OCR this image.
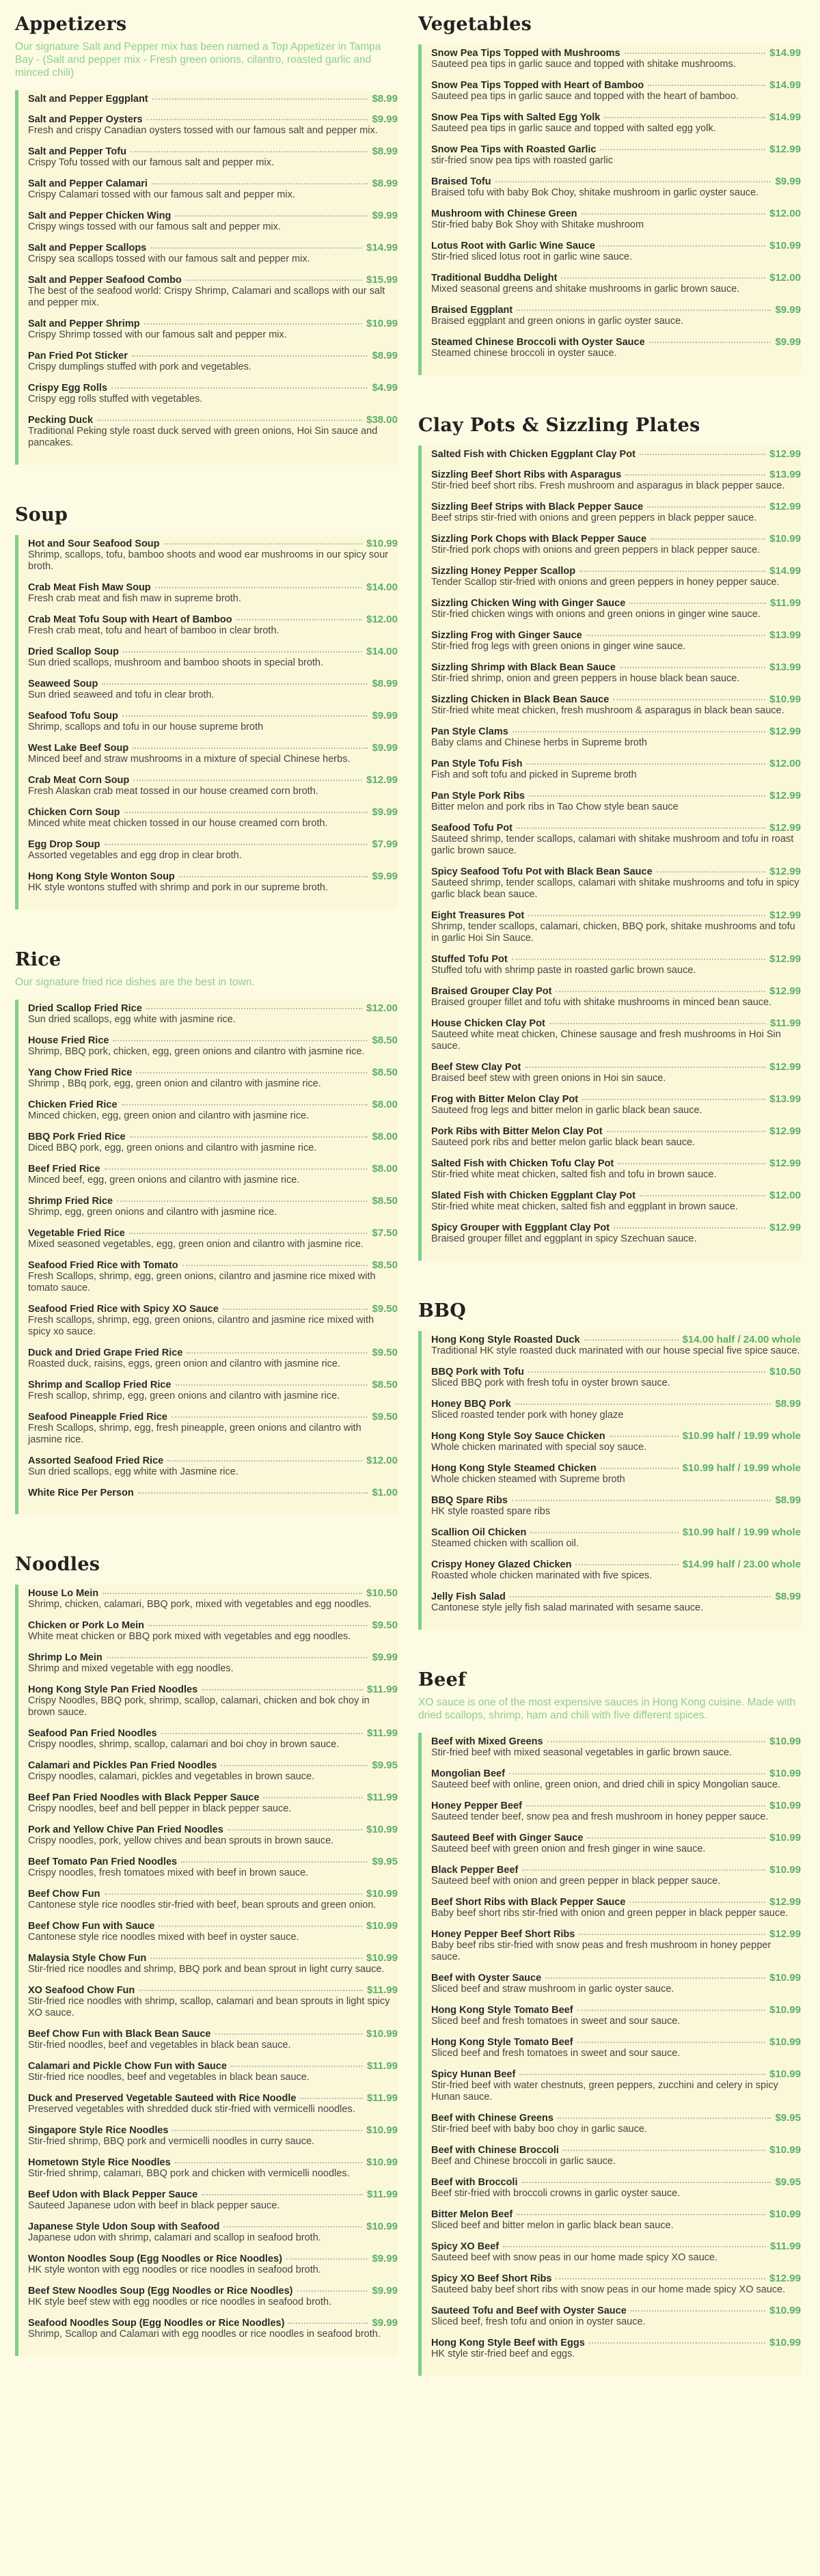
Appetizers

Our signature Salt and Pepper mix has been named a Top Appetizer in Tampa Bay - (Salt and pepper mix - Fresh green onions, cilantro, roasted garlic and minced chili)

Salt and Pepper Eggplant	$8.99
Salt and Pepper Oysters	$9.99
Fresh and crispy Canadian oysters tossed with our famous salt and pepper mix.
Salt and Pepper Tofu	$8.99
Crispy Tofu tossed with our famous salt and pepper mix.
Salt and Pepper Calamari	$8.99
Crispy Calamari tossed with our famous salt and pepper mix.
Salt and Pepper Chicken Wing	$9.99
Crispy wings tossed with our famous salt and pepper mix.
Salt and Pepper Scallops	$14.99
Crispy sea scallops tossed with our famous salt and pepper mix.
Salt and Pepper Seafood Combo	$15.99
The best of the seafood world: Crispy Shrimp, Calamari and scallops with our salt and pepper mix.
Salt and Pepper Shrimp	$10.99
Crispy Shrimp tossed with our famous salt and pepper mix.
Pan Fried Pot Sticker	$8.99
Crispy dumplings stuffed with pork and vegetables.
Crispy Egg Rolls	$4.99
Crispy egg rolls stuffed with vegetables.
Pecking Duck	$38.00
Traditional Peking style roast duck served with green onions, Hoi Sin sauce and pancakes.
Soup
Hot and Sour Seafood Soup	$10.99
Shrimp, scallops, tofu, bamboo shoots and wood ear mushrooms in our spicy sour broth.
Crab Meat Fish Maw Soup	$14.00
Fresh crab meat and fish maw in supreme broth.
Crab Meat Tofu Soup with Heart of Bamboo	$12.00
Fresh crab meat, tofu and heart of bamboo in clear broth.
Dried Scallop Soup	$14.00
Sun dried scallops, mushroom and bamboo shoots in special broth.
Seaweed Soup	$8.99
Sun dried seaweed and tofu in clear broth.
Seafood Tofu Soup	$9.99
Shrimp, scallops and tofu in our house supreme broth
West Lake Beef Soup	$9.99
Minced beef and straw mushrooms in a mixture of special Chinese herbs.
Crab Meat Corn Soup	$12.99
Fresh Alaskan crab meat tossed in our house creamed corn broth.
Chicken Corn Soup	$9.99
Minced white meat chicken tossed in our house creamed corn broth.
Egg Drop Soup	$7.99
Assorted vegetables and egg drop in clear broth.
Hong Kong Style Wonton Soup	$9.99
HK style wontons stuffed with shrimp and pork in our supreme broth.
Rice

Our signature fried rice dishes are the best in town.

Dried Scallop Fried Rice	$12.00
Sun dried scallops, egg white with jasmine rice.
House Fried Rice	$8.50
Shrimp, BBQ pork, chicken, egg, green onions and cilantro with jasmine rice.
Yang Chow Fried Rice	$8.50
Shrimp , BBq pork, egg, green onion and cilantro with jasmine rice.
Chicken Fried Rice	$8.00
Minced chicken, egg, green onion and cilantro with jasmine rice.
BBQ Pork Fried Rice	$8.00
Diced BBQ pork, egg, green onions and cilantro with jasmine rice.
Beef Fried Rice	$8.00
Minced beef, egg, green onions and cilantro with jasmine rice.
Shrimp Fried Rice	$8.50
Shrimp, egg, green onions and cilantro with jasmine rice.
Vegetable Fried Rice	$7.50
Mixed seasoned vegetables, egg, green onion and cilantro with jasmine rice.
Seafood Fried Rice with Tomato	$8.50
Fresh Scallops, shrimp, egg, green onions, cilantro and jasmine rice mixed with tomato sauce.
Seafood Fried Rice with Spicy XO Sauce	$9.50
Fresh scallops, shrimp, egg, green onions, cilantro and jasmine rice mixed with spicy xo sauce.
Duck and Dried Grape Fried Rice	$9.50
Roasted duck, raisins, eggs, green onion and cilantro with jasmine rice.
Shrimp and Scallop Fried Rice	$8.50
Fresh scallop, shrimp, egg, green onions and cilantro with jasmine rice.
Seafood Pineapple Fried Rice	$9.50
Fresh Scallops, shrimp, egg, fresh pineapple, green onions and cilantro with jasmine rice.
Assorted Seafood Fried Rice	$12.00
Sun dried scallops, egg white with Jasmine rice.
White Rice Per Person	$1.00
Noodles
House Lo Mein	$10.50
Shrimp, chicken, calamari, BBQ pork, mixed with vegetables and egg noodles.
Chicken or Pork Lo Mein	$9.50
White meat chicken or BBQ pork mixed with vegetables and egg noodles.
Shrimp Lo Mein	$9.99
Shrimp and mixed vegetable with egg noodles.
Hong Kong Style Pan Fried Noodles	$11.99
Crispy Noodles, BBQ pork, shrimp, scallop, calamari, chicken and bok choy in brown sauce.
Seafood Pan Fried Noodles	$11.99
Crispy noodles, shrimp, scallop, calamari and boi choy in brown sauce.
Calamari and Pickles Pan Fried Noodles	$9.95
Crispy noodles, calamari, pickles and vegetables in brown sauce.
Beef Pan Fried Noodles with Black Pepper Sauce	$11.99
Crispy noodles, beef and bell pepper in black pepper sauce.
Pork and Yellow Chive Pan Fried Noodles	$10.99
Crispy noodles, pork, yellow chives and bean sprouts in brown sauce.
Beef Tomato Pan Fried Noodles	$9.95
Crispy noodles, fresh tomatoes mixed with beef in brown sauce.
Beef Chow Fun	$10.99
Cantonese style rice noodles stir-fried with beef, bean sprouts and green onion.
Beef Chow Fun with Sauce	$10.99
Cantonese style rice noodles mixed with beef in oyster sauce.
Malaysia Style Chow Fun	$10.99
Stir-fried rice noodles and shrimp, BBQ pork and bean sprout in light curry sauce.
XO Seafood Chow Fun	$11.99
Stir-fried rice noodles with shrimp, scallop, calamari and bean sprouts in light spicy XO sauce.
Beef Chow Fun with Black Bean Sauce	$10.99
Stir-fried noodles, beef and vegetables in black bean sauce.
Calamari and Pickle Chow Fun with Sauce	$11.99
Stir-fried rice noodles, beef and vegetables in black bean sauce.
Duck and Preserved Vegetable Sauteed with Rice Noodle	$11.99
Preserved vegetables with shredded duck stir-fried with vermicelli noodles.
Singapore Style Rice Noodles	$10.99
Stir-fried shrimp, BBQ pork and vermicelli noodles in curry sauce.
Hometown Style Rice Noodles	$10.99
Stir-fried shrimp, calamari, BBQ pork and chicken with vermicelli noodles.
Beef Udon with Black Pepper Sauce	$11.99
Sauteed Japanese udon with beef in black pepper sauce.
Japanese Style Udon Soup with Seafood	$10.99
Japanese udon with shrimp, calamari and scallop in seafood broth.
Wonton Noodles Soup (Egg Noodles or Rice Noodles)	$9.99
HK style wonton with egg noodles or rice noodles in seafood broth.
Beef Stew Noodles Soup (Egg Noodles or Rice Noodles)	$9.99
HK style beef stew with egg noodles or rice noodles in seafood broth.
Seafood Noodles Soup (Egg Noodles or Rice Noodles)	$9.99
Shrimp, Scallop and Calamari with egg noodles or rice noodles in seafood broth.
Vegetables
Snow Pea Tips Topped with Mushrooms	$14.99
Sauteed pea tips in garlic sauce and topped with shitake mushrooms.
Snow Pea Tips Topped with Heart of Bamboo	$14.99
Sauteed pea tips in garlic sauce and topped with the heart of bamboo.
Snow Pea Tips with Salted Egg Yolk	$14.99
Sauteed pea tips in garlic sauce and topped with salted egg yolk.
Snow Pea Tips with Roasted Garlic	$12.99
stir-fried snow pea tips with roasted garlic
Braised Tofu	$9.99
Braised tofu with baby Bok Choy, shitake mushroom in garlic oyster sauce.
Mushroom with Chinese Green	$12.00
Stir-fried baby Bok Shoy with Shitake mushroom
Lotus Root with Garlic Wine Sauce	$10.99
Stir-fried sliced lotus root in garlic wine sauce.
Traditional Buddha Delight	$12.00
Mixed seasonal greens and shitake mushrooms in garlic brown sauce.
Braised Eggplant	$9.99
Braised eggplant and green onions in garlic oyster sauce.
Steamed Chinese Broccoli with Oyster Sauce	$9.99
Steamed chinese broccoli in oyster sauce.
Clay Pots & Sizzling Plates
Salted Fish with Chicken Eggplant Clay Pot	$12.99
Sizzling Beef Short Ribs with Asparagus	$13.99
Stir-fried beef short ribs. Fresh mushroom and asparagus in black pepper sauce.
Sizzling Beef Strips with Black Pepper Sauce	$12.99
Beef strips stir-fried with onions and green peppers in black pepper sauce.
Sizzling Pork Chops with Black Pepper Sauce	$10.99
Stir-fried pork chops with onions and green peppers in black pepper sauce.
Sizzling Honey Pepper Scallop	$14.99
Tender Scallop stir-fried with onions and green peppers in honey pepper sauce.
Sizzling Chicken Wing with Ginger Sauce	$11.99
Stir-fried chicken wings with onions and green onions in ginger wine sauce.
Sizzling Frog with Ginger Sauce	$13.99
Stir-fried frog legs with green onions in ginger wine sauce.
Sizzling Shrimp with Black Bean Sauce	$13.99
Stir-fried shrimp, onion and green peppers in house black bean sauce.
Sizzling Chicken in Black Bean Sauce	$10.99
Stir-fried white meat chicken, fresh mushroom & asparagus in black bean sauce.
Pan Style Clams	$12.99
Baby clams and Chinese herbs in Supreme broth
Pan Style Tofu Fish	$12.00
Fish and soft tofu and picked in Supreme broth
Pan Style Pork Ribs	$12.99
Bitter melon and pork ribs in Tao Chow style bean sauce
Seafood Tofu Pot	$12.99
Sauteed shrimp, tender scallops, calamari with shitake mushroom and tofu in roast garlic brown sauce.
Spicy Seafood Tofu Pot with Black Bean Sauce	$12.99
Sauteed shrimp, tender scallops, calamari with shitake mushrooms and tofu in spicy garlic black bean sauce.
Eight Treasures Pot	$12.99
Shrimp, tender scallops, calamari, chicken, BBQ pork, shitake mushrooms and tofu in garlic Hoi Sin Sauce.
Stuffed Tofu Pot	$12.99
Stuffed tofu with shrimp paste in roasted garlic brown sauce.
Braised Grouper Clay Pot	$12.99
Braised grouper fillet and tofu with shitake mushrooms in minced bean sauce.
House Chicken Clay Pot	$11.99
Sauteed white meat chicken, Chinese sausage and fresh mushrooms in Hoi Sin sauce.
Beef Stew Clay Pot	$12.99
Braised beef stew with green onions in Hoi sin sauce.
Frog with Bitter Melon Clay Pot	$13.99
Sauteed frog legs and bitter melon in garlic black bean sauce.
Pork Ribs with Bitter Melon Clay Pot	$12.99
Sauteed pork ribs and better melon garlic black bean sauce.
Salted Fish with Chicken Tofu Clay Pot	$12.99
Stir-fried white meat chicken, salted fish and tofu in brown sauce.
Slated Fish with Chicken Eggplant Clay Pot	$12.00
Stir-fried white meat chicken, salted fish and eggplant in brown sauce.
Spicy Grouper with Eggplant Clay Pot	$12.99
Braised grouper fillet and eggplant in spicy Szechuan sauce.
BBQ
Hong Kong Style Roasted Duck	$14.00 half / 24.00 whole
Traditional HK style roasted duck marinated with our house special five spice sauce.
BBQ Pork with Tofu	$10.50
Sliced BBQ pork with fresh tofu in oyster brown sauce.
Honey BBQ Pork	$8.99
Sliced roasted tender pork with honey glaze
Hong Kong Style Soy Sauce Chicken	$10.99 half / 19.99 whole
Whole chicken marinated with special soy sauce.
Hong Kong Style Steamed Chicken	$10.99 half / 19.99 whole
Whole chicken steamed with Supreme broth
BBQ Spare Ribs	$8.99
HK style roasted spare ribs
Scallion Oil Chicken	$10.99 half / 19.99 whole
Steamed chicken with scallion oil.
Crispy Honey Glazed Chicken	$14.99 half / 23.00 whole
Roasted whole chicken marinated with five spices.
Jelly Fish Salad	$8.99
Cantonese style jelly fish salad marinated with sesame sauce.
Beef

XO sauce is one of the most expensive sauces in Hong Kong cuisine. Made with dried scallops, shrimp, ham and chili with five different spices.

Beef with Mixed Greens	$10.99
Stir-fried beef with mixed seasonal vegetables in garlic brown sauce.
Mongolian Beef	$10.99
Sauteed beef with online, green onion, and dried chili in spicy Mongolian sauce.
Honey Pepper Beef	$10.99
Sauteed tender beef, snow pea and fresh mushroom in honey pepper sauce.
Sauteed Beef with Ginger Sauce	$10.99
Sauteed beef with green onion and fresh ginger in wine sauce.
Black Pepper Beef	$10.99
Sauteed beef with onion and green pepper in black pepper sauce.
Beef Short Ribs with Black Pepper Sauce	$12.99
Baby beef short ribs stir-fried with onion and green pepper in black pepper sauce.
Honey Pepper Beef Short Ribs	$12.99
Baby beef ribs stir-fried with snow peas and fresh mushroom in honey pepper sauce.
Beef with Oyster Sauce	$10.99
Sliced beef and straw mushroom in garlic oyster sauce.
Hong Kong Style Tomato Beef	$10.99
Sliced beef and fresh tomatoes in sweet and sour sauce.
Hong Kong Style Tomato Beef	$10.99
Sliced beef and fresh tomatoes in sweet and sour sauce.
Spicy Hunan Beef	$10.99
Stir-fried beef with water chestnuts, green peppers, zucchini and celery in spicy Hunan sauce.
Beef with Chinese Greens	$9.95
Stir-fried beef with baby boo choy in garlic sauce.
Beef with Chinese Broccoli	$10.99
Beef and Chinese broccoli in garlic sauce.
Beef with Broccoli	$9.95
Beef stir-fried with broccoli crowns in garlic oyster sauce.
Bitter Melon Beef	$10.99
Sliced beef and bitter melon in garlic black bean sauce.
Spicy XO Beef	$11.99
Sauteed beef with snow peas in our home made spicy XO sauce.
Spicy XO Beef Short Ribs	$12.99
Sauteed baby beef short ribs with snow peas in our home made spicy XO sauce.
Sauteed Tofu and Beef with Oyster Sauce	$10.99
Sliced beef, fresh tofu and onion in oyster sauce.
Hong Kong Style Beef with Eggs	$10.99
HK style stir-fried beef and eggs.
